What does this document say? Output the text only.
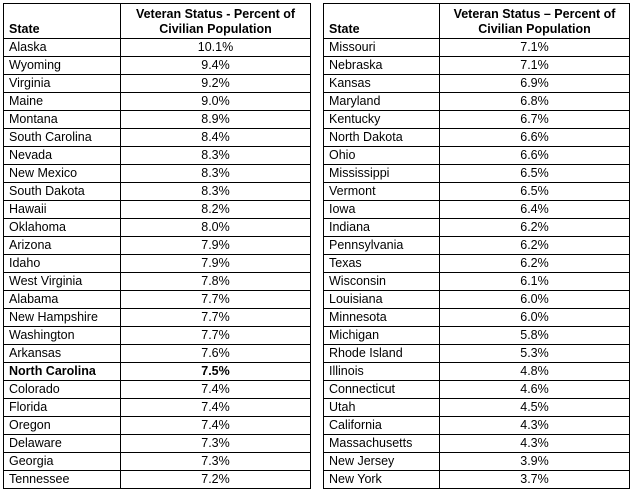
State	Veteran Status - Percent of
Civilian Population

Alaska	10.1%
Wyoming	9.4%
Virginia	9.2%
Maine	9.0%
Montana	8.9%
South Carolina	8.4%
Nevada	8.3%
New Mexico	8.3%
South Dakota	8.3%
Hawaii	8.2%
Oklahoma	8.0%
Arizona	7.9%
Idaho	7.9%
West Virginia	7.8%
Alabama	7.7%
New Hampshire	7.7%
Washington	7.7%
Arkansas	7.6%
North Carolina	7.5%
Colorado	7.4%
Florida	7.4%
Oregon	7.4%
Delaware	7.3%
Georgia	7.3%
Tennessee	7.2%
State	Veteran Status – Percent of
Civilian Population

Missouri	7.1%
Nebraska	7.1%
Kansas	6.9%
Maryland	6.8%
Kentucky	6.7%
North Dakota	6.6%
Ohio	6.6%
Mississippi	6.5%
Vermont	6.5%
Iowa	6.4%
Indiana	6.2%
Pennsylvania	6.2%
Texas	6.2%
Wisconsin	6.1%
Louisiana	6.0%
Minnesota	6.0%
Michigan	5.8%
Rhode Island	5.3%
Illinois	4.8%
Connecticut	4.6%
Utah	4.5%
California	4.3%
Massachusetts	4.3%
New Jersey	3.9%
New York	3.7%
